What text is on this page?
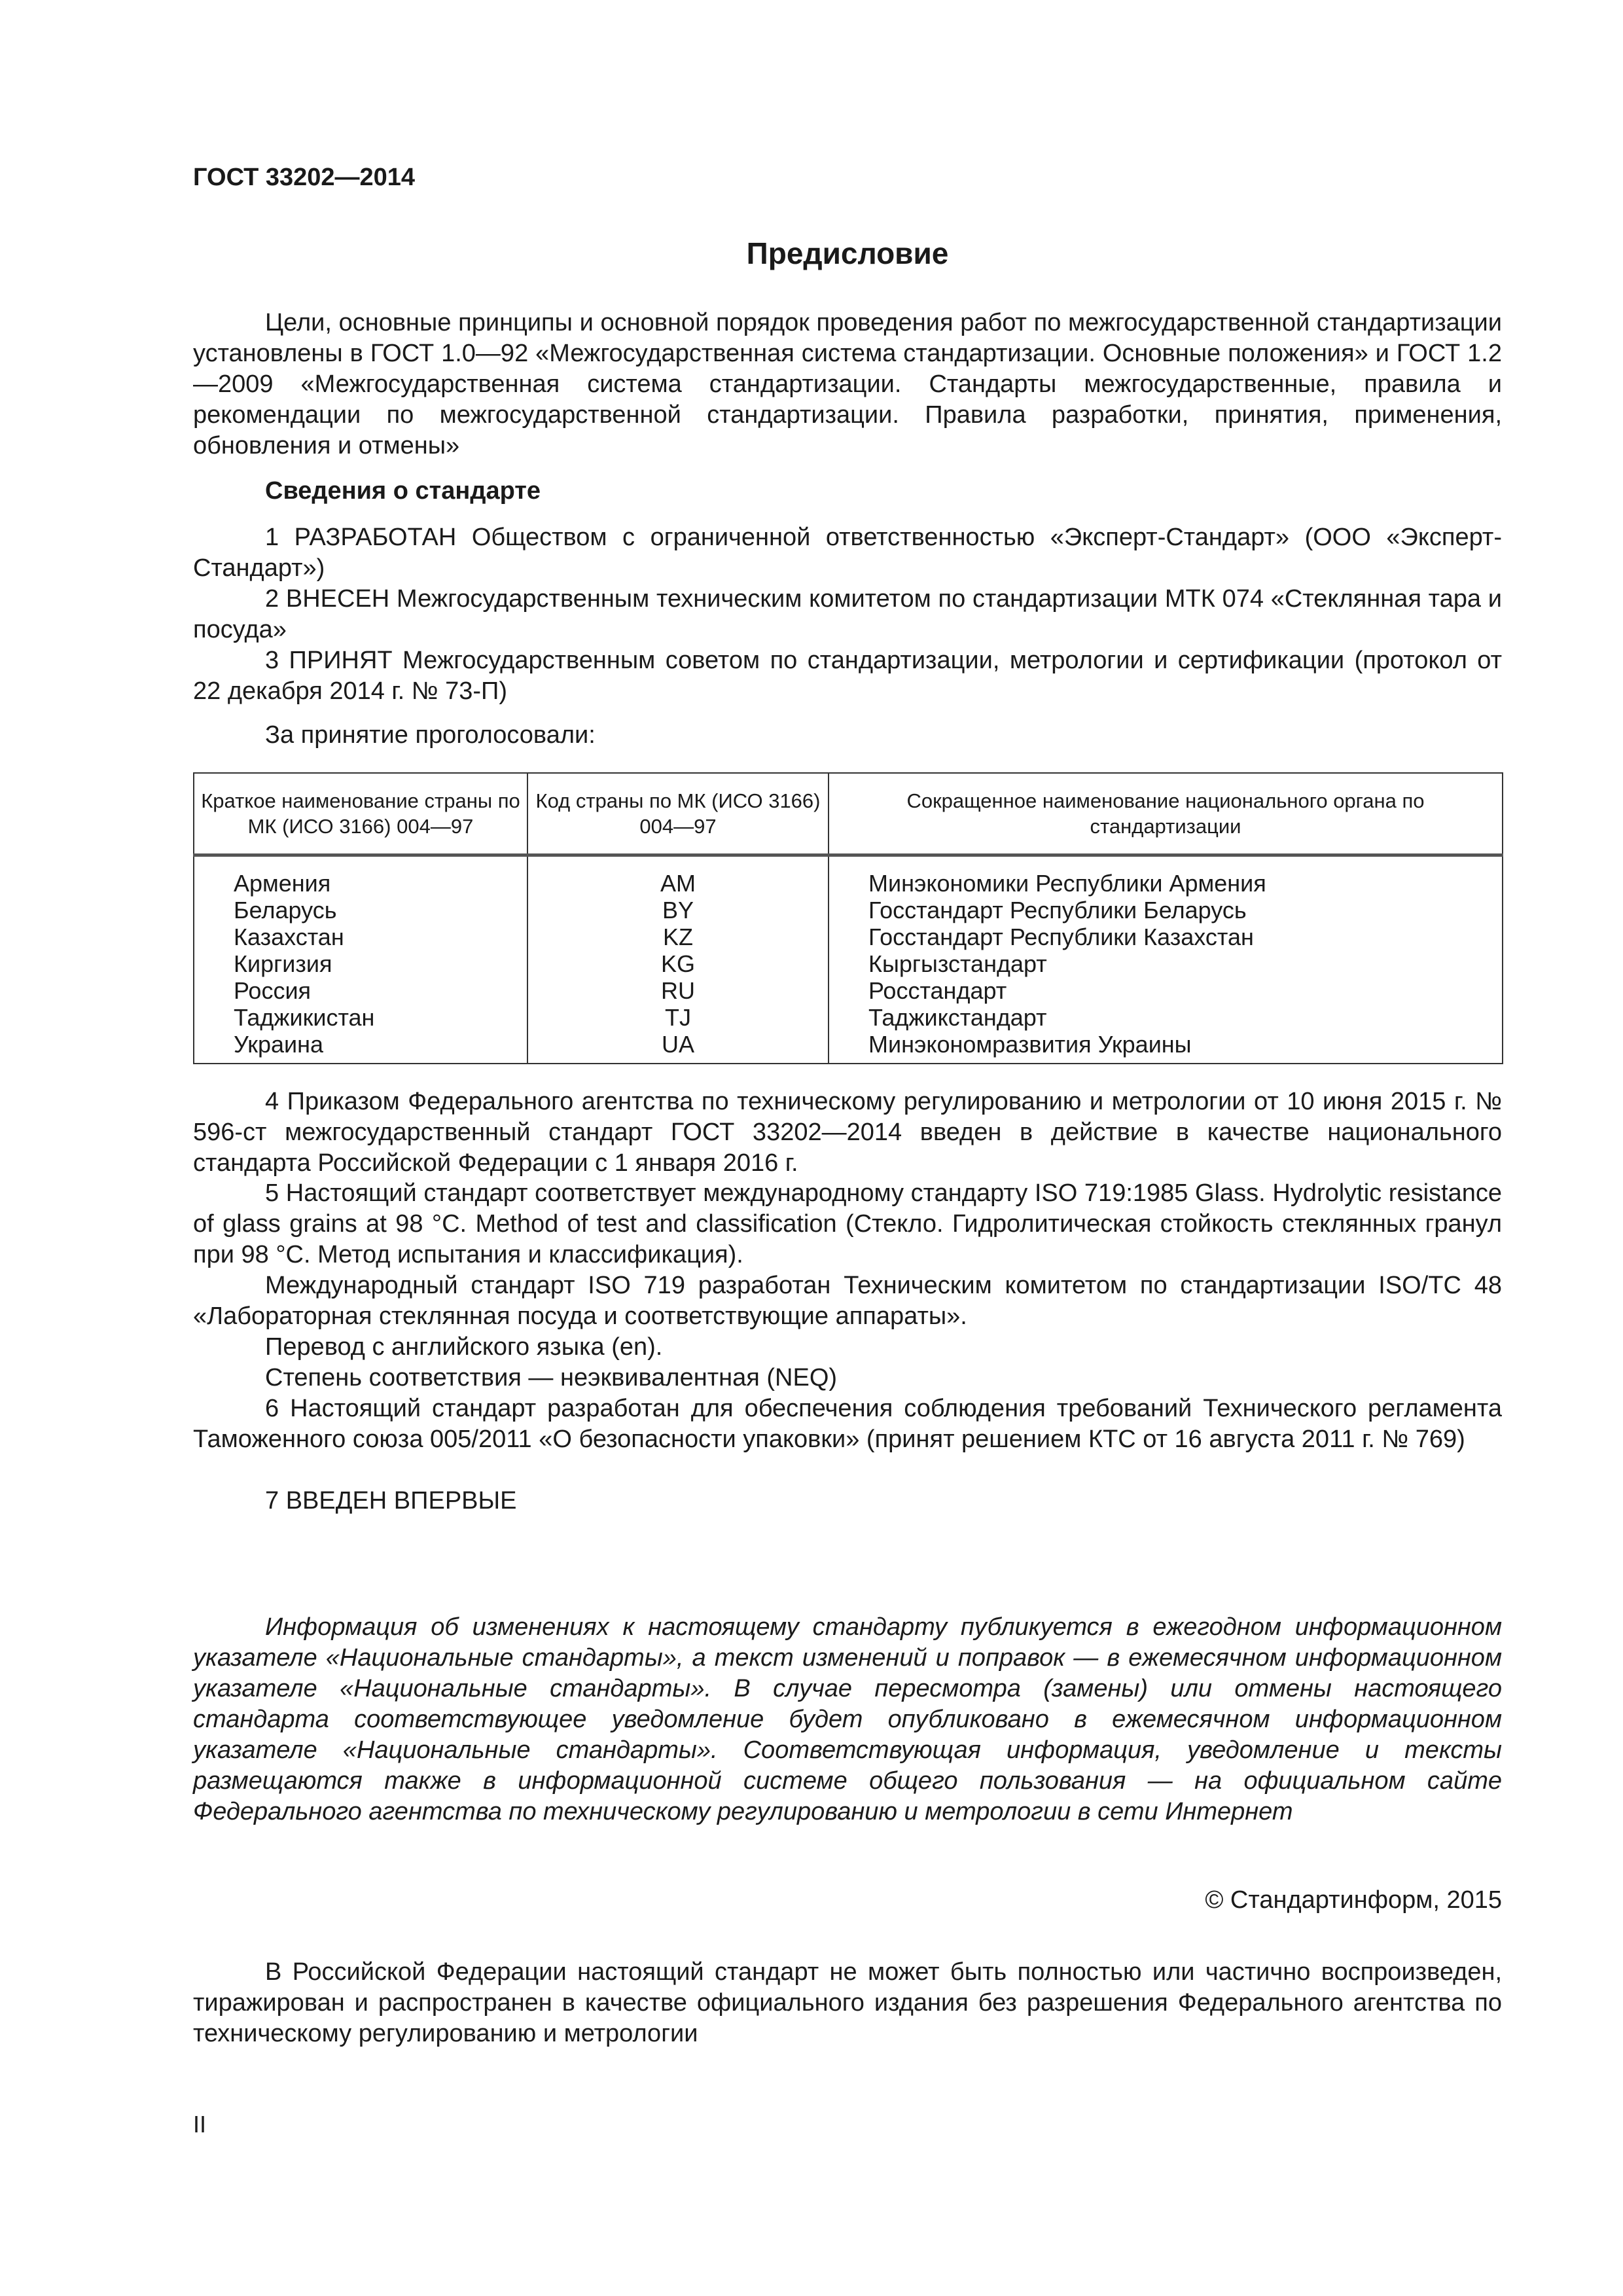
ГОСТ 33202—2014
Предисловие

Цели, основные принципы и основной порядок проведения работ по межгосударственной стандартизации установлены в ГОСТ 1.0—92 «Межгосударственная система стандартизации. Основные положения» и ГОСТ 1.2—2009 «Межгосударственная система стандартизации. Стандарты межгосударственные, правила и рекомендации по межгосударственной стандартизации. Правила разработки, принятия, применения, обновления и отмены»

Сведения о стандарте

1 РАЗРАБОТАН Обществом с ограниченной ответственностью «Эксперт-Стандарт» (ООО «Эксперт-Стандарт»)

2 ВНЕСЕН Межгосударственным техническим комитетом по стандартизации МТК 074 «Стеклянная тара и посуда»

3 ПРИНЯТ Межгосударственным советом по стандартизации, метрологии и сертификации (протокол от 22 декабря 2014 г. № 73-П)

За принятие проголосовали:

Краткое наименование страны по МК (ИСО 3166) 004—97	Код страны по МК (ИСО 3166) 004—97	Сокращенное наименование национального органа по стандартизации
Армения	AM	Минэкономики Республики Армения
Беларусь	BY	Госстандарт Республики Беларусь
Казахстан	KZ	Госстандарт Республики Казахстан
Киргизия	KG	Кыргызстандарт
Россия	RU	Росстандарт
Таджикистан	TJ	Таджикстандарт
Украина	UA	Минэкономразвития Украины

4 Приказом Федерального агентства по техническому регулированию и метрологии от 10 июня 2015 г. № 596-ст межгосударственный стандарт ГОСТ 33202—2014 введен в действие в качестве национального стандарта Российской Федерации с 1 января 2016 г.

5 Настоящий стандарт соответствует международному стандарту ISO 719:1985 Glass. Hydrolytic resistance of glass grains at 98 °C. Method of test and classification (Стекло. Гидролитическая стойкость стеклянных гранул при 98 °C. Метод испытания и классификация).

Международный стандарт ISO 719 разработан Техническим комитетом по стандартизации ISO/TC 48 «Лабораторная стеклянная посуда и соответствующие аппараты».

Перевод с английского языка (en).

Степень соответствия — неэквивалентная (NEQ)

6 Настоящий стандарт разработан для обеспечения соблюдения требований Технического регламента Таможенного союза 005/2011 «О безопасности упаковки» (принят решением КТС от 16 августа 2011 г. № 769)

7 ВВЕДЕН ВПЕРВЫЕ

Информация об изменениях к настоящему стандарту публикуется в ежегодном информационном указателе «Национальные стандарты», а текст изменений и поправок — в ежемесячном информационном указателе «Национальные стандарты». В случае пересмотра (замены) или отмены настоящего стандарта соответствующее уведомление будет опубликовано в ежемесячном информационном указателе «Национальные стандарты». Соответствующая информация, уведомление и тексты размещаются также в информационной системе общего пользования — на официальном сайте Федерального агентства по техническому регулированию и метрологии в сети Интернет

© Стандартинформ, 2015

В Российской Федерации настоящий стандарт не может быть полностью или частично воспроизведен, тиражирован и распространен в качестве официального издания без разрешения Федерального агентства по техническому регулированию и метрологии

II
